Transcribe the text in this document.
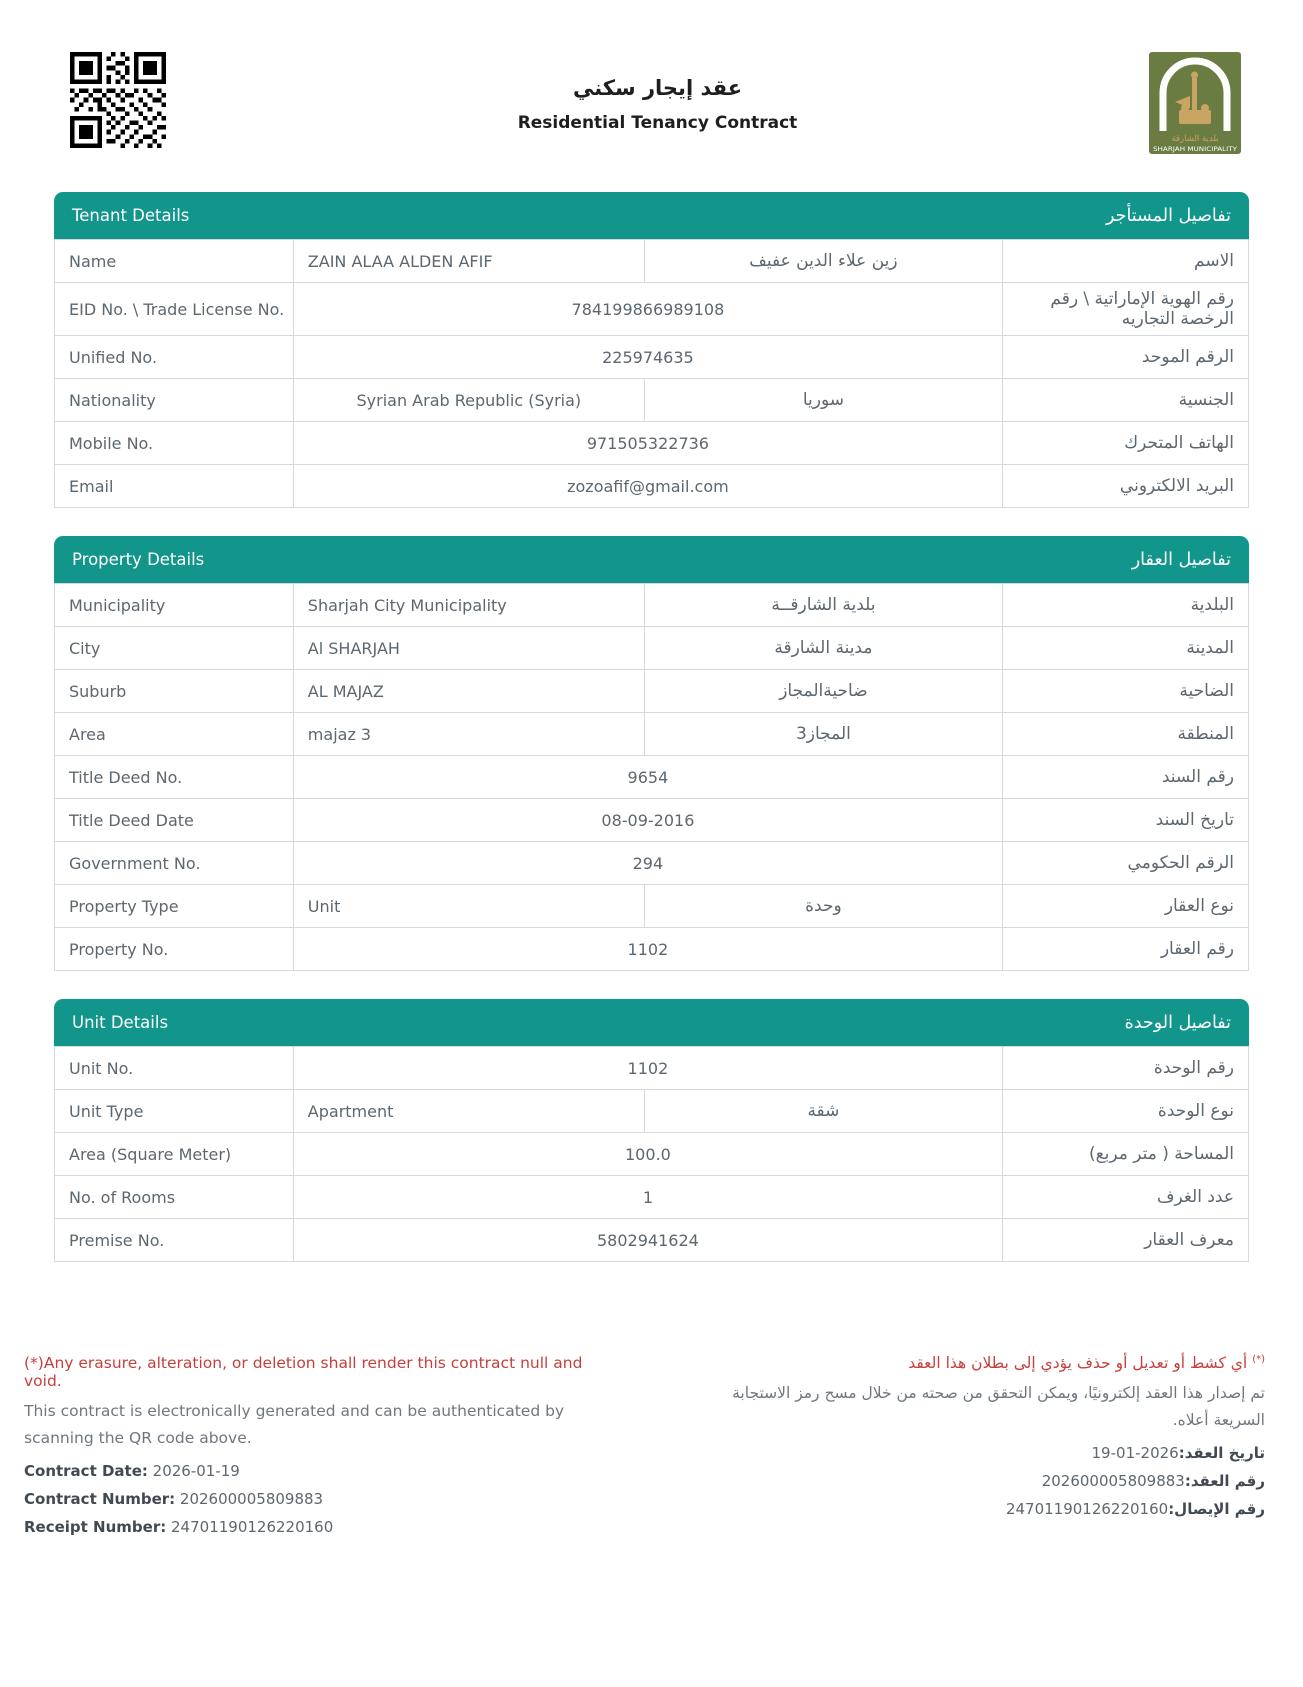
عقد إيجار سكني
Residential Tenancy Contract
بلدية الشارقة
SHARJAH MUNICIPALITY
Tenant Details	تفاصيل المستأجر
Name	ZAIN ALAA ALDEN AFIF	زين علاء الدين عفيف	الاسم
EID No. \ Trade License No.	784199866989108		رقم الهوية الإماراتية \ رقم الرخصة التجاريه
Unified No.	225974635		الرقم الموحد
Nationality	Syrian Arab Republic (Syria)	سوريا	الجنسية
Mobile No.	971505322736		الهاتف المتحرك
Email	zozoafif@gmail.com		البريد الالكتروني
Property Details	تفاصيل العقار
Municipality	Sharjah City Municipality	بلدية الشارقــة	البلدية
City	Al SHARJAH	مدينة الشارقة	المدينة
Suburb	AL MAJAZ	ضاحيةالمجاز	الضاحية
Area	majaz 3	المجاز3	المنطقة
Title Deed No.	9654		رقم السند
Title Deed Date	08-09-2016		تاريخ السند
Government No.	294		الرقم الحكومي
Property Type	Unit	وحدة	نوع العقار
Property No.	1102		رقم العقار
Unit Details	تفاصيل الوحدة
Unit No.	1102		رقم الوحدة
Unit Type	Apartment	شقة	نوع الوحدة
Area (Square Meter)	100.0		المساحة ( متر مربع)
No. of Rooms	1		عدد الغرف
Premise No.	5802941624		معرف العقار
(*)Any erasure, alteration, or deletion shall render this contract null and void.
This contract is electronically generated and can be authenticated by scanning the QR code above.
Contract Date: 2026-01-19
Contract Number: 202600005809883
Receipt Number: 24701190126220160
(*) أي كشط أو تعديل أو حذف يؤدي إلى بطلان هذا العقد
تم إصدار هذا العقد إلكترونيًا، ويمكن التحقق من صحته من خلال مسح رمز الاستجابة السريعة أعلاه.
تاريخ العقد:2026-01-19
رقم العقد:202600005809883
رقم الإيصال:24701190126220160
